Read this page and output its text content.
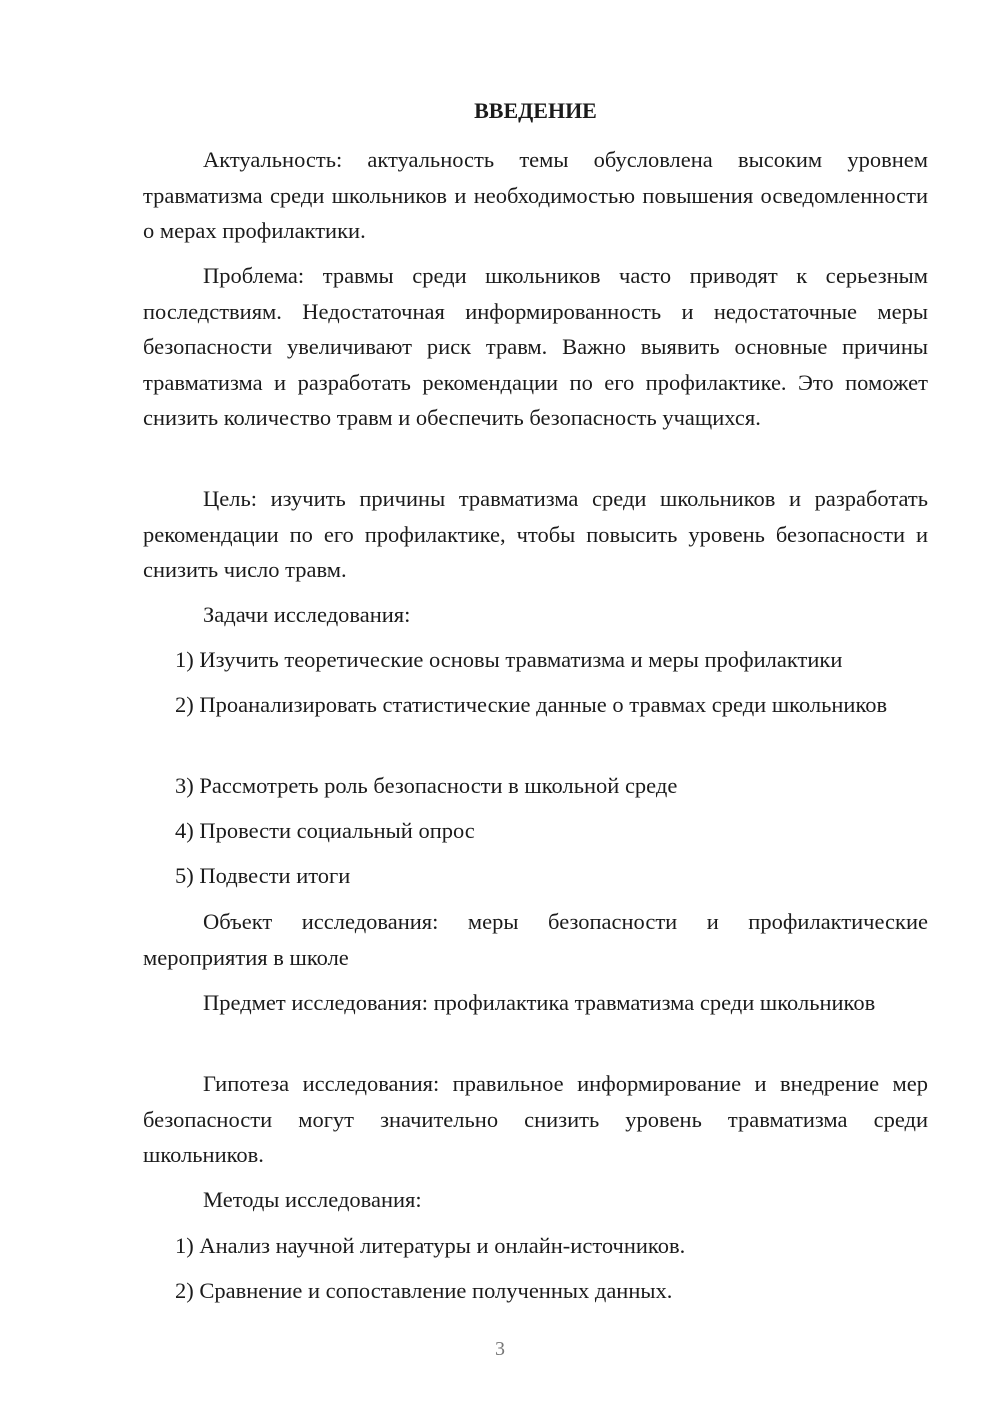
ВВЕДЕНИЕ

Актуальность: актуальность темы обусловлена высоким уровнем травматизма среди школьников и необходимостью повышения осведомленности о мерах профилактики.

Проблема: травмы среди школьников часто приводят к серьезным последствиям. Недостаточная информированность и недостаточные меры безопасности увеличивают риск травм. Важно выявить основные причины травматизма и разработать рекомендации по его профилактике. Это поможет снизить количество травм и обеспечить безопасность учащихся.

Цель: изучить причины травматизма среди школьников и разработать рекомендации по его профилактике, чтобы повысить уровень безопасности и снизить число травм.

Задачи исследования:

1) Изучить теоретические основы травматизма и меры профилактики

2) Проанализировать статистические данные о травмах среди школьников

3) Рассмотреть роль безопасности в школьной среде

4) Провести социальный опрос

5) Подвести итоги

Объект исследования: меры безопасности и профилактические мероприятия в школе

Предмет исследования: профилактика травматизма среди школьников

Гипотеза исследования: правильное информирование и внедрение мер безопасности могут значительно снизить уровень травматизма среди школьников.

Методы исследования:

1) Анализ научной литературы и онлайн-источников.

2) Сравнение и сопоставление полученных данных.

3
